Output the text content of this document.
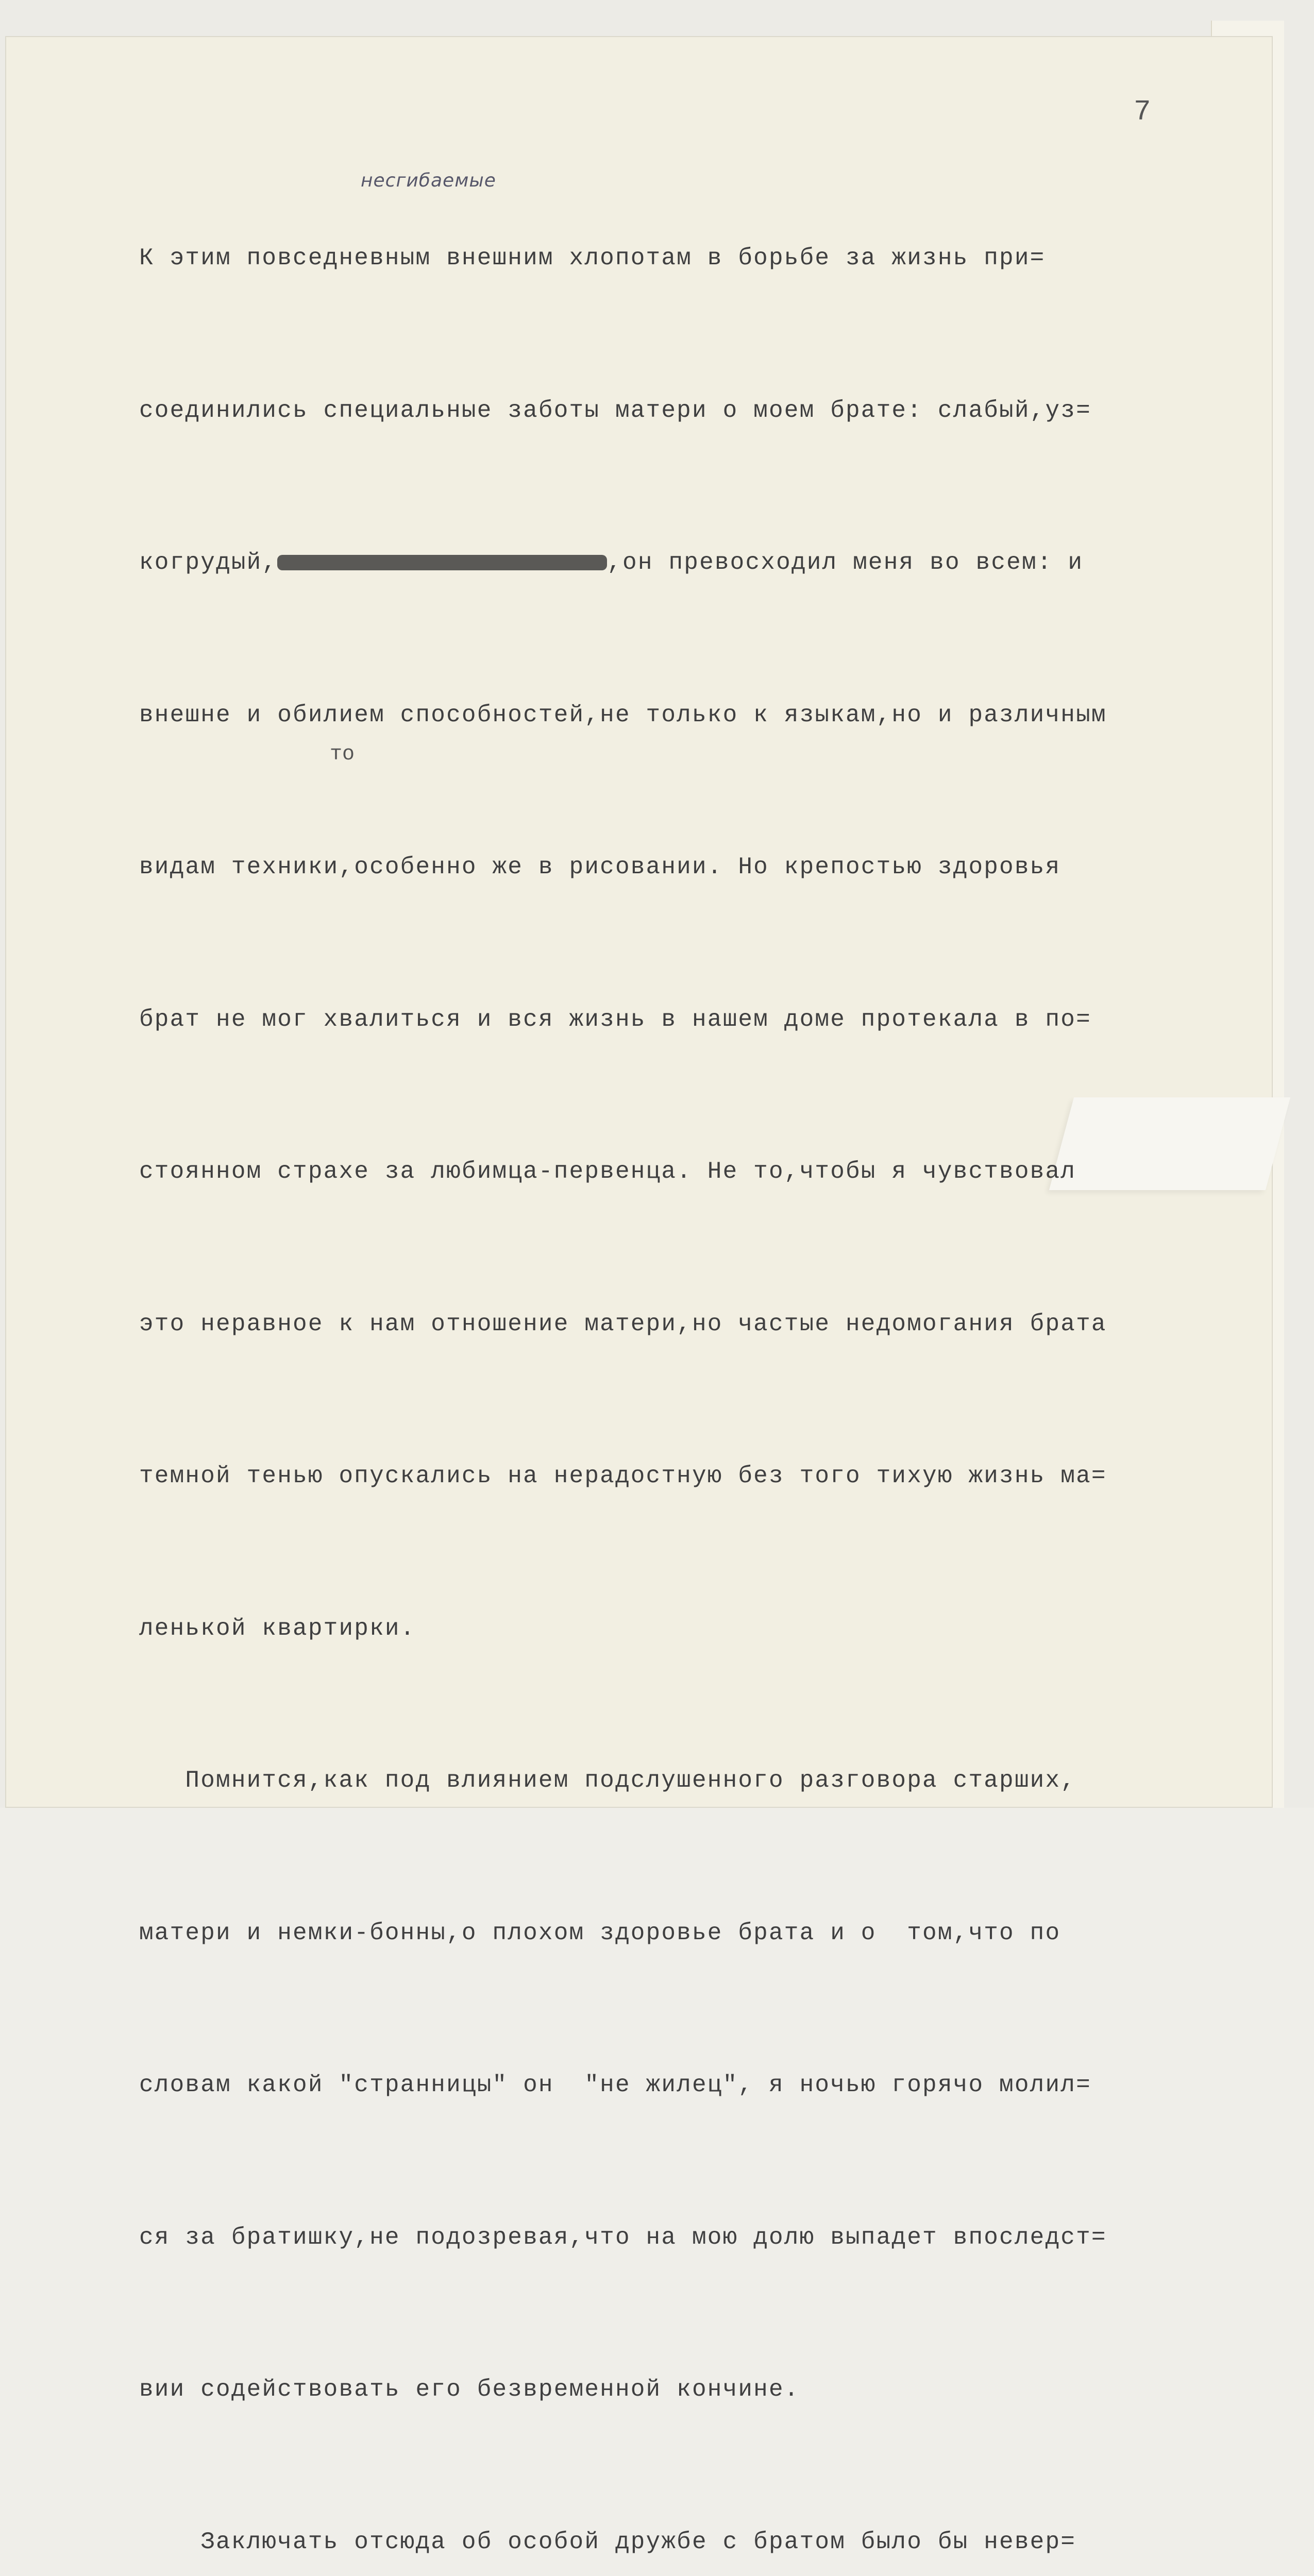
7
несгибаемые
то

К этим повседневным внешним хлопотам в борьбе за жизнь при=

соединились специальные заботы матери о моем брате: слабый,уз=

когрудый,	,он превосходил меня во всем: и

внешне и обилием способностей,не только к языкам,но и различным

видам техники,особенно же в рисовании. Но крепостью здоровья

брат не мог хвалиться и вся жизнь в нашем доме протекала в по=

стоянном страхе за любимца-первенца. Не то,чтобы я чувствовал

это неравное к нам отношение матери,но частые недомогания брата

темной тенью опускались на нерадостную без того тихую жизнь ма=

ленькой квартирки.

Помнится,как под влиянием подслушенного разговора старших,

матери и немки-бонны,о плохом здоровье брата и о  том,что по

словам какой "странницы" он  "не жилец", я ночью горячо молил=

ся за братишку,не подозревая,что на мою долю выпадет впоследст=

вии содействовать его безвременной кончине.

Заключать отсюда об особой дружбе с братом было бы невер=
